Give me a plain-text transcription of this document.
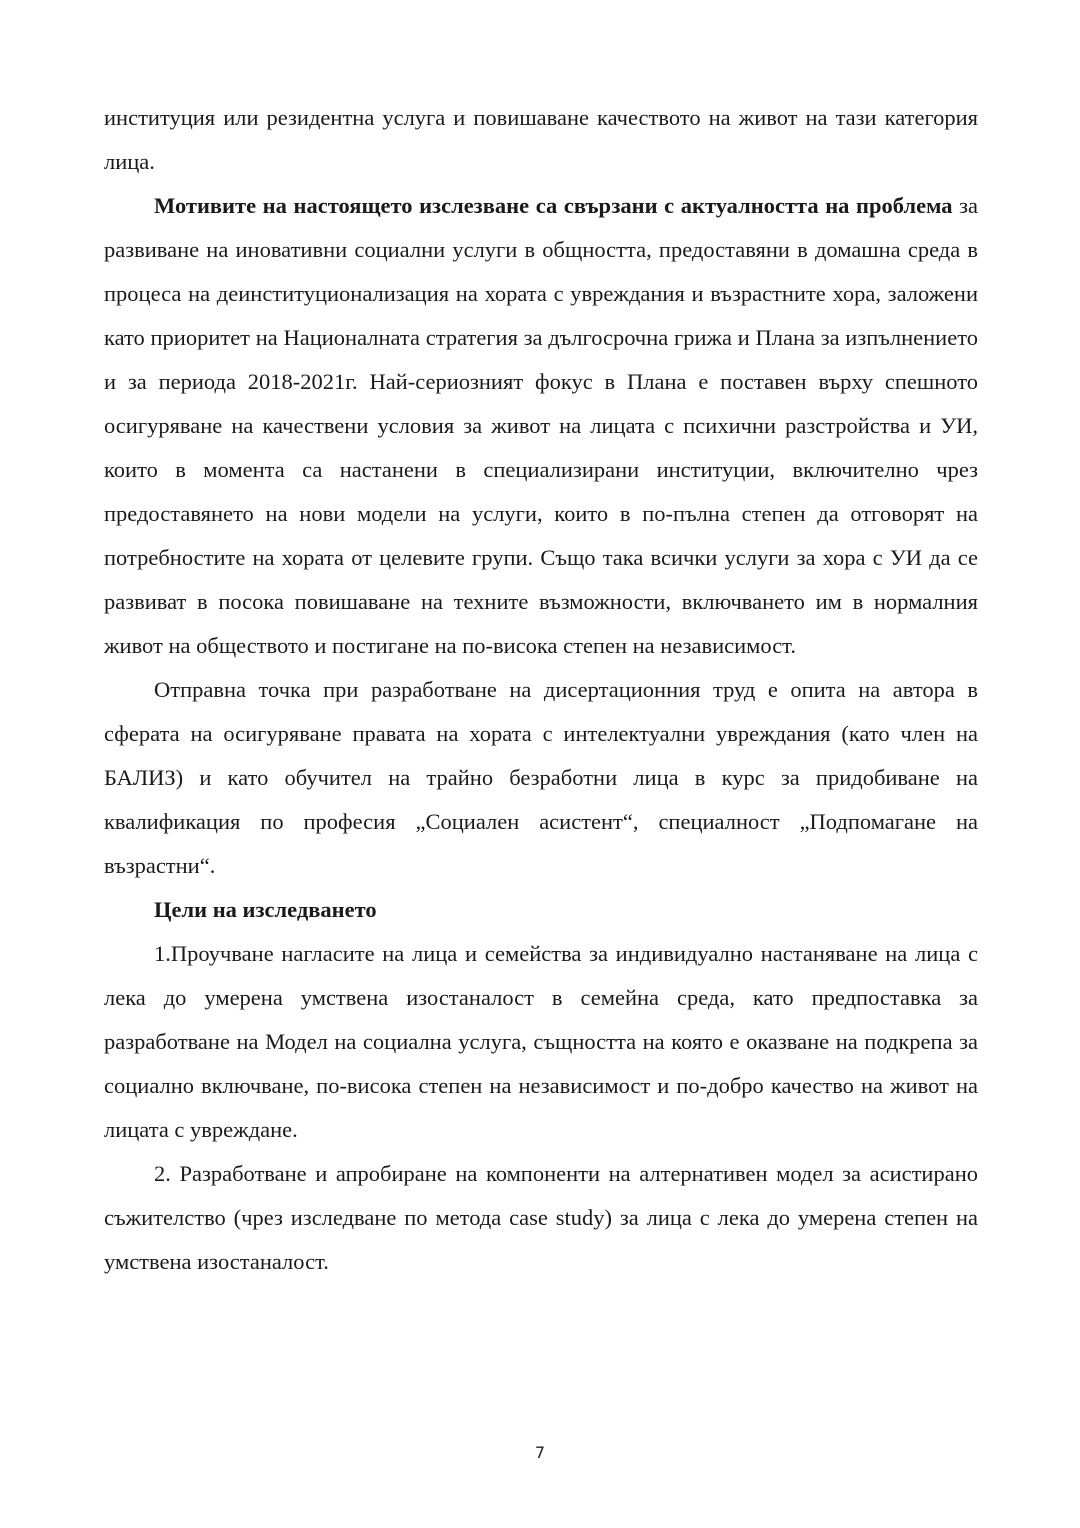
институция или резидентна услуга и повишаване качеството на живот на тази категория лица.

Мотивите на настоящето изслезване са свързани с актуалността на проблема за развиване на иновативни социални услуги в общността, предоставяни в домашна среда в процеса на деинституционализация на хората с увреждания и възрастните хора, заложени като приоритет на Националната стратегия за дългосрочна грижа и Плана за изпълнението и за периода 2018-2021г. Най-сериозният фокус в Плана е поставен върху спешното осигуряване на качествени условия за живот на лицата с психични разстройства и УИ, които в момента са настанени в специализирани институции, включително чрез предоставянето на нови модели на услуги, които в по-пълна степен да отговорят на потребностите на хората от целевите групи. Също така всички услуги за хора с УИ да се развиват в посока повишаване на техните възможности, включването им в нормалния живот на обществото и постигане на по-висока степен на независимост.

Отправна точка при разработване на дисертационния труд е опита на автора в сферата на осигуряване правата на хората с интелектуални увреждания (като член на БАЛИЗ) и като обучител на трайно безработни лица в курс за придобиване на квалификация по професия „Социален асистент“, специалност „Подпомагане на възрастни“.

Цели на изследването

1.Проучване нагласите на лица и семейства за индивидуално настаняване на лица с лека до умерена умствена изостаналост в семейна среда, като предпоставка за разработване на Модел на социална услуга, същността на която е оказване на подкрепа за социално включване, по-висока степен на независимост и по-добро качество на живот на лицата с увреждане.

2. Разработване и апробиране на компоненти на алтернативен модел за асистирано съжителство (чрез изследване по метода case study) за лица с лека до умерена степен на умствена изостаналост.

7
